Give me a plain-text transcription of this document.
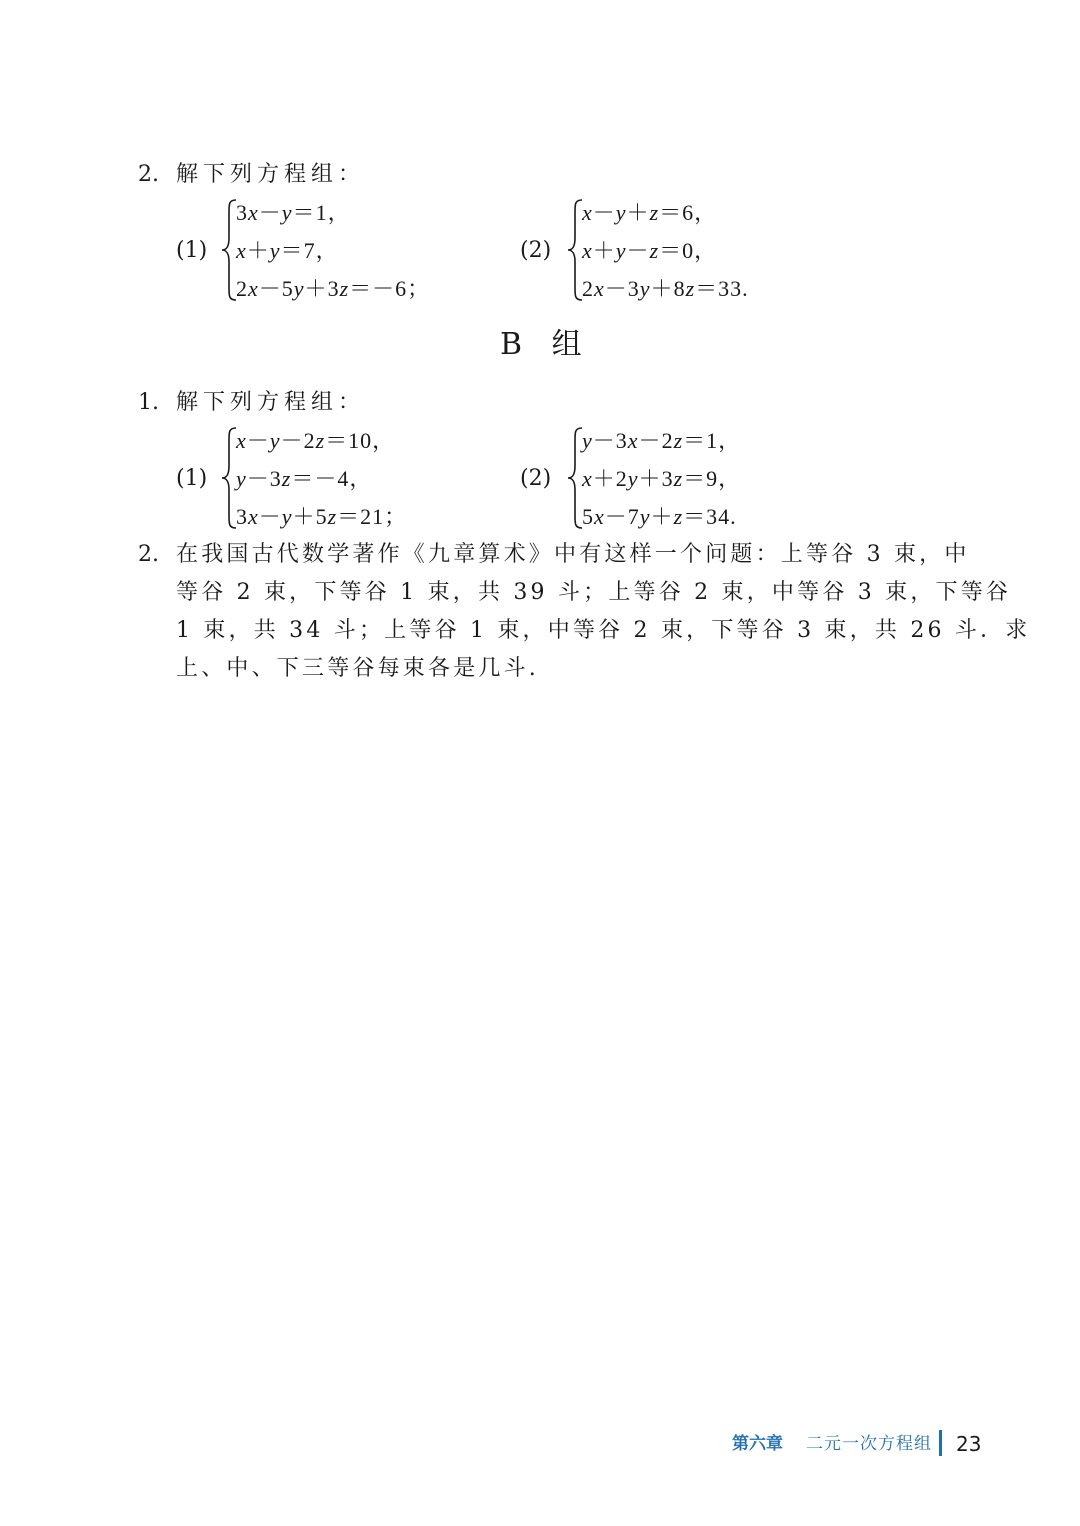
2. 解下列方程组：
(1)
3x－y＝1，
x＋y＝7，
2x－5y＋3z＝－6；
(2)
x－y＋z＝6，
x＋y－z＝0，
2x－3y＋8z＝33.
B 组
1. 解下列方程组：
(1)
x－y－2z＝10，
y－3z＝－4，
3x－y＋5z＝21；
(2)
y－3x－2z＝1，
x＋2y＋3z＝9，
5x－7y＋z＝34.
2. 在我国古代数学著作《九章算术》中有这样一个问题：上等谷 3 束，中
等谷 2 束，下等谷 1 束，共 39 斗；上等谷 2 束，中等谷 3 束，下等谷
1 束，共 34 斗；上等谷 1 束，中等谷 2 束，下等谷 3 束，共 26 斗．求
上、中、下三等谷每束各是几斗.
第六章 二元一次方程组 23
